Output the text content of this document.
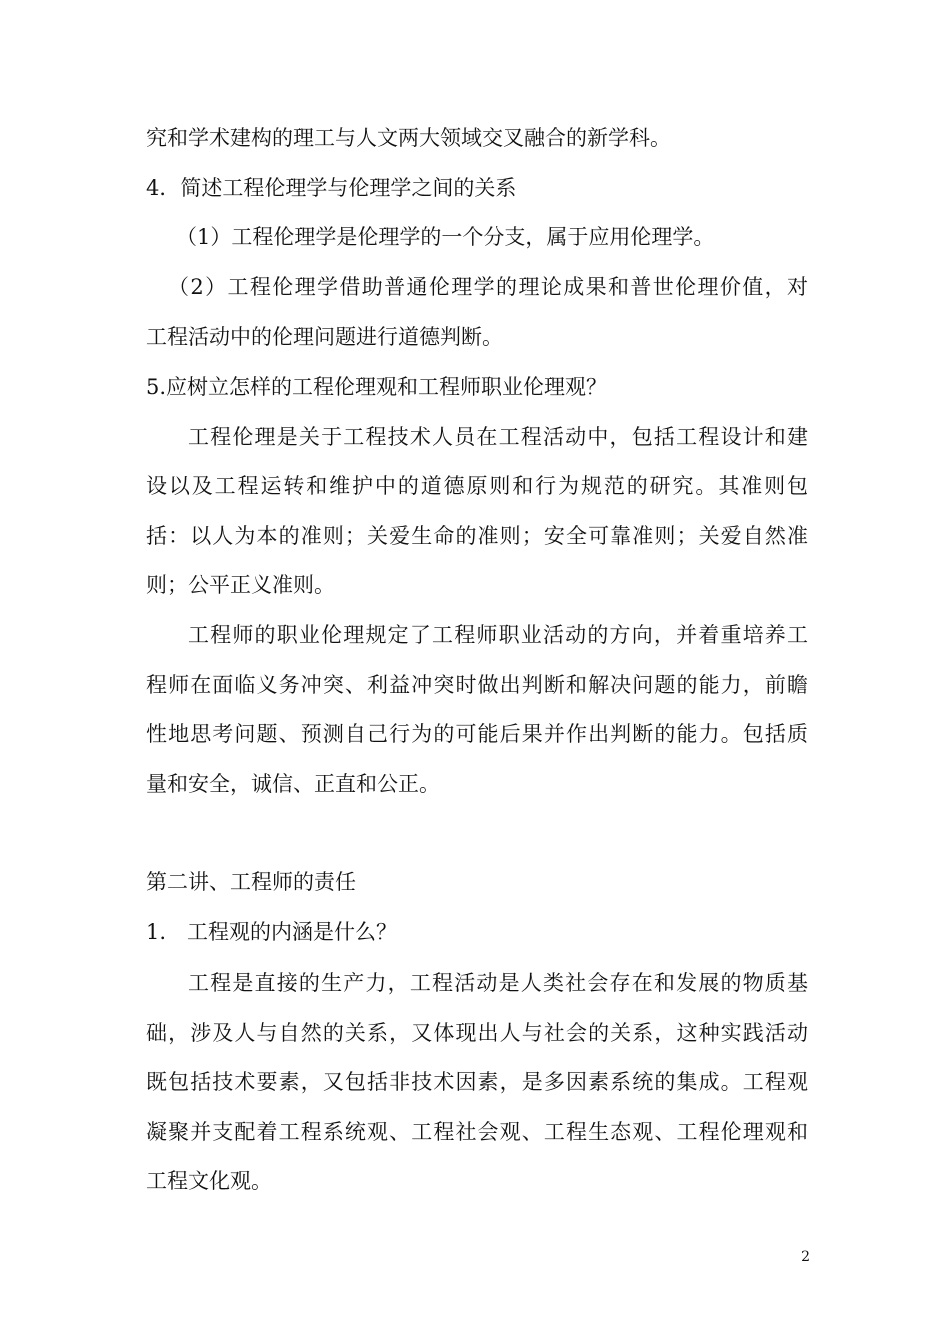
究和学术建构的理工与人文两大领域交叉融合的新学科。
4．简述工程伦理学与伦理学之间的关系
（1）工程伦理学是伦理学的一个分支，属于应用伦理学。
（2）工程伦理学借助普通伦理学的理论成果和普世伦理价值，对
工程活动中的伦理问题进行道德判断。
5.应树立怎样的工程伦理观和工程师职业伦理观？
工程伦理是关于工程技术人员在工程活动中，包括工程设计和建
设以及工程运转和维护中的道德原则和行为规范的研究。其准则包
括：以人为本的准则；关爱生命的准则；安全可靠准则；关爱自然准
则；公平正义准则。
工程师的职业伦理规定了工程师职业活动的方向，并着重培养工
程师在面临义务冲突、利益冲突时做出判断和解决问题的能力，前瞻
性地思考问题、预测自己行为的可能后果并作出判断的能力。包括质
量和安全，诚信、正直和公正。
第二讲、工程师的责任
1.　工程观的内涵是什么？
工程是直接的生产力，工程活动是人类社会存在和发展的物质基
础，涉及人与自然的关系，又体现出人与社会的关系，这种实践活动
既包括技术要素，又包括非技术因素，是多因素系统的集成。工程观
凝聚并支配着工程系统观、工程社会观、工程生态观、工程伦理观和
工程文化观。
2
